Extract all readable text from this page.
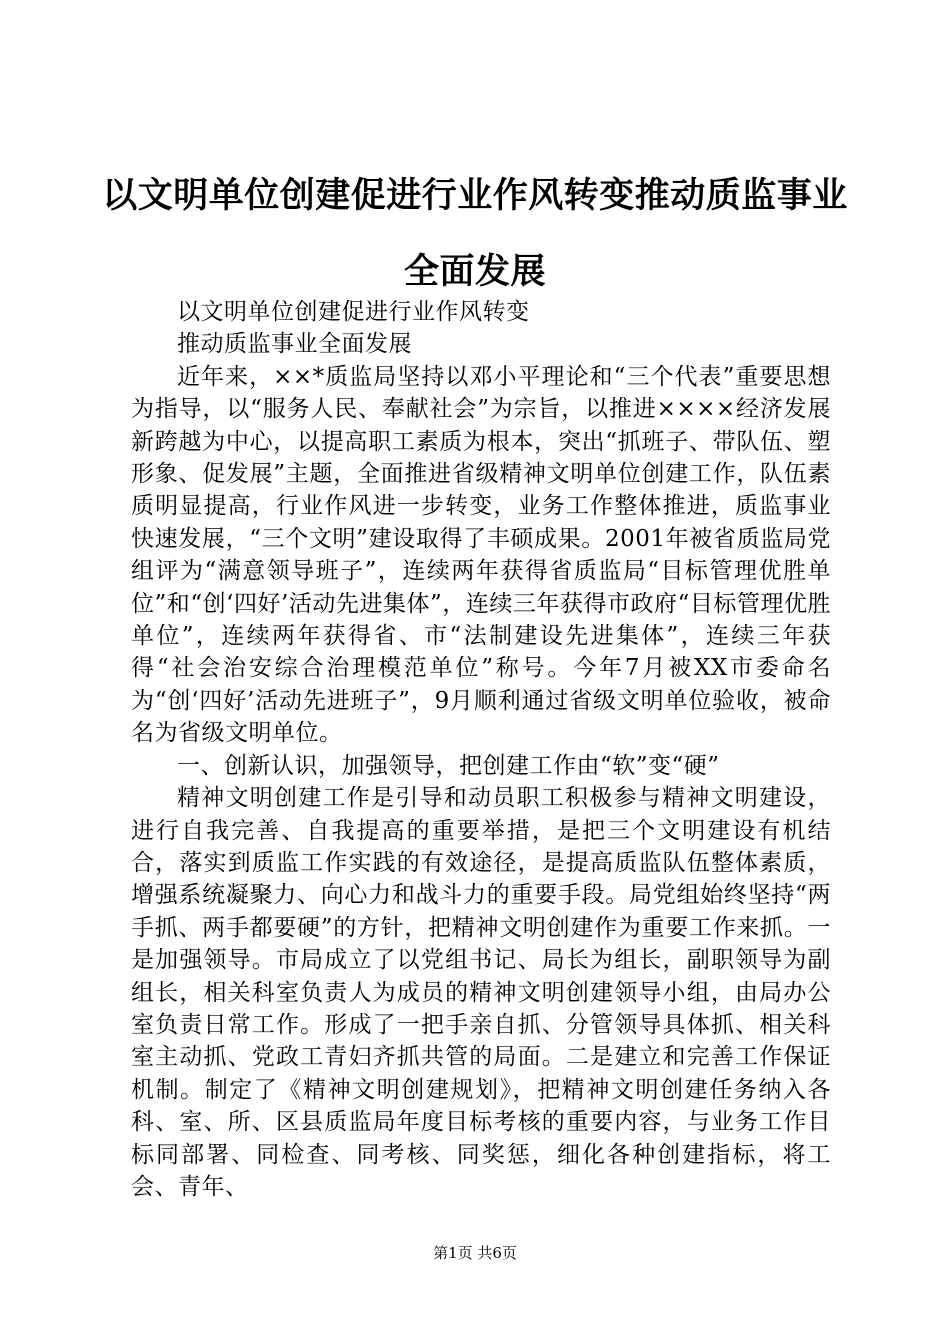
以文明单位创建促进行业作风转变推动质监事业全面发展

以文明单位创建促进行业作风转变

推动质监事业全面发展

近年来，××*质监局坚持以邓小平理论和“三个代表”重要思想为指导，以“服务人民、奉献社会”为宗旨，以推进××××经济发展新跨越为中心，以提高职工素质为根本，突出“抓班子、带队伍、塑形象、促发展”主题，全面推进省级精神文明单位创建工作，队伍素质明显提高，行业作风进一步转变，业务工作整体推进，质监事业快速发展，“三个文明”建设取得了丰硕成果。2001年被省质监局党组评为“满意领导班子”，连续两年获得省质监局“目标管理优胜单位”和“创‘四好’活动先进集体”，连续三年获得市政府“目标管理优胜单位”，连续两年获得省、市“法制建设先进集体”，连续三年获得“社会治安综合治理模范单位”称号。今年7月被XX市委命名为“创‘四好’活动先进班子”，9月顺利通过省级文明单位验收，被命名为省级文明单位。

一、创新认识，加强领导，把创建工作由“软”变“硬”

精神文明创建工作是引导和动员职工积极参与精神文明建设，进行自我完善、自我提高的重要举措，是把三个文明建设有机结合，落实到质监工作实践的有效途径，是提高质监队伍整体素质，增强系统凝聚力、向心力和战斗力的重要手段。局党组始终坚持“两手抓、两手都要硬”的方针，把精神文明创建作为重要工作来抓。一是加强领导。市局成立了以党组书记、局长为组长，副职领导为副组长，相关科室负责人为成员的精神文明创建领导小组，由局办公室负责日常工作。形成了一把手亲自抓、分管领导具体抓、相关科室主动抓、党政工青妇齐抓共管的局面。二是建立和完善工作保证机制。制定了《精神文明创建规划》，把精神文明创建任务纳入各科、室、所、区县质监局年度目标考核的重要内容，与业务工作目标同部署、同检查、同考核、同奖惩，细化各种创建指标，将工会、青年、

第1页 共6页
